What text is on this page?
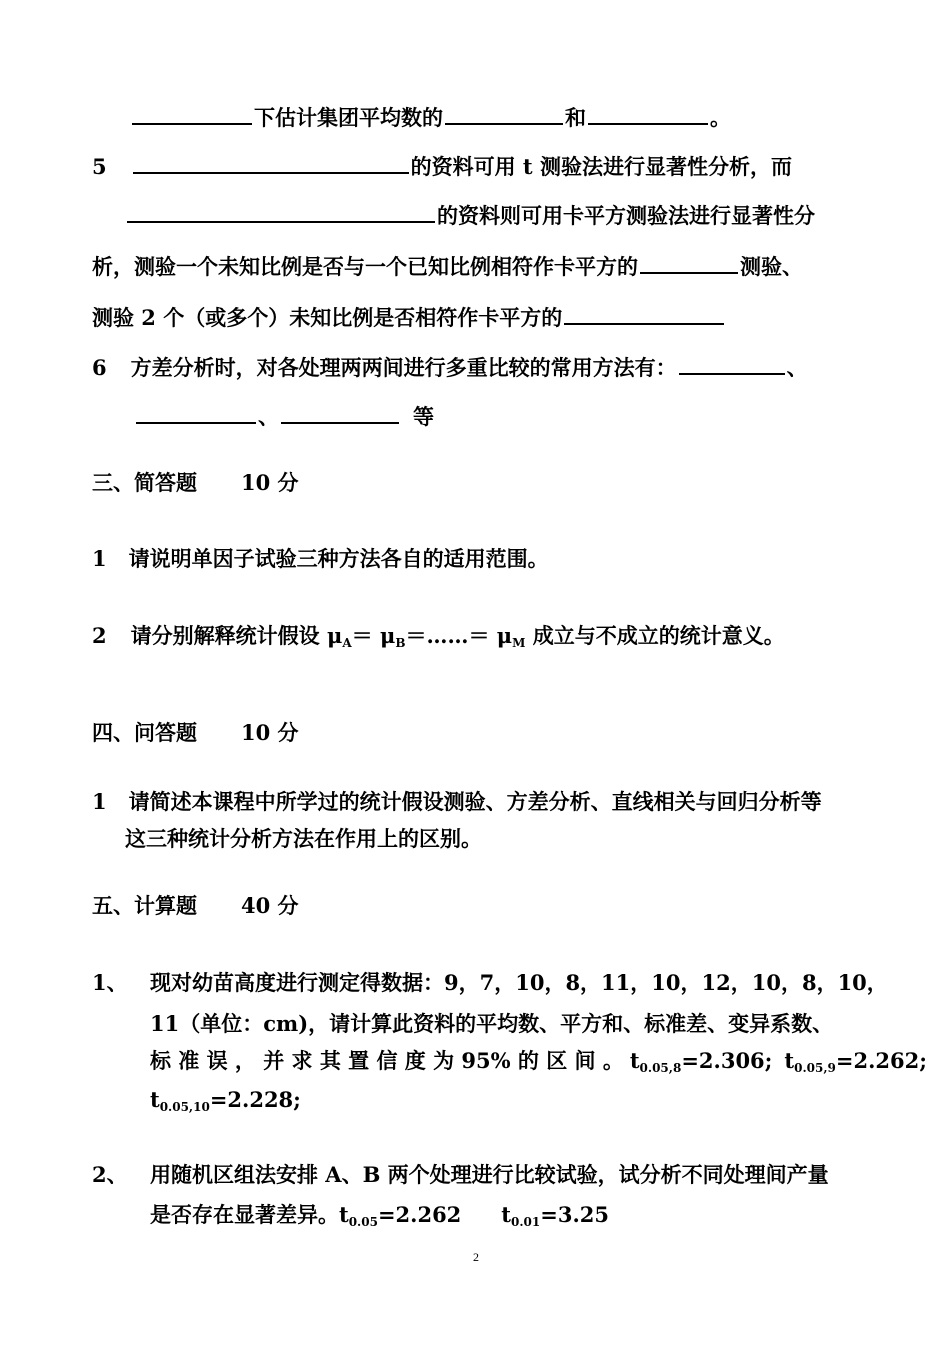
下估计集团平均数的	和	。
5	的资料可用 t 测验法进行显著性分析，而
的资料则可用卡平方测验法进行显著性分
析，测验一个未知比例是否与一个已知比例相符作卡平方的	测验、
测验 2 个（或多个）未知比例是否相符作卡平方的
6 方差分析时，对各处理两两间进行多重比较的常用方法有：	、
、	等
三、简答题 10 分
1 请说明单因子试验三种方法各自的适用范围。
2 请分别解释统计假设 $\mu_A=$ $\mu_B=\dots\dots= \mu_M$ 成立与不成立的统计意义。
四、问答题 10 分
1 请简述本课程中所学过的统计假设测验、方差分析、直线相关与回归分析等
这三种统计分析方法在作用上的区别。
五、计算题 40 分
1、 现对幼苗高度进行测定得数据：9，7，10，8，11，10，12，10，8，10，
11（单位：cm)，请计算此资料的平均数、平方和、标准差、变异系数、
标 准 误 ， 并 求 其 置 信 度 为 95% 的 区 间 。 $t_{0.05,8}=2.306$; $t_{0.05,9}=2.262$;
$t_{0.05,10}=2.228$;
2、 用随机区组法安排 A、B 两个处理进行比较试验，试分析不同处理间产量
是否存在显著差异。$t_{0.05}=2.262$ $t_{0.01}=3.25$
2
